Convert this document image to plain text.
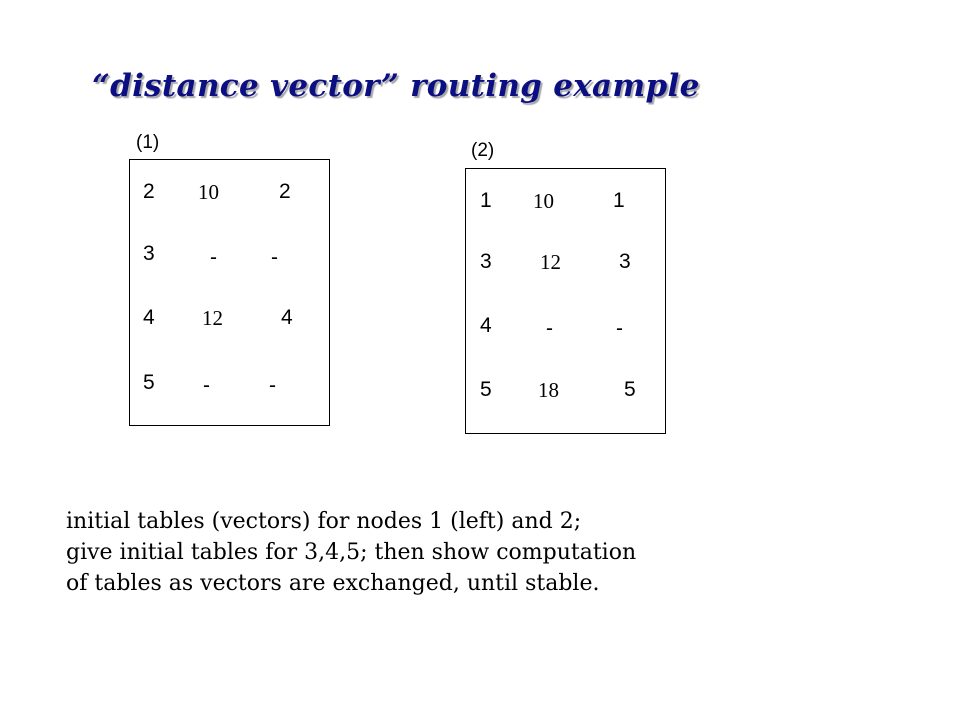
“distance vector” routing example
(1)
2 10	2
3	-	-
4 12	4
5 -	-
(2)
1 10	1
3 12	3
4	-	-
5 18	5
initial tables (vectors) for nodes 1 (left) and 2;
give initial tables for 3,4,5; then show computation
of tables as vectors are exchanged, until stable.
